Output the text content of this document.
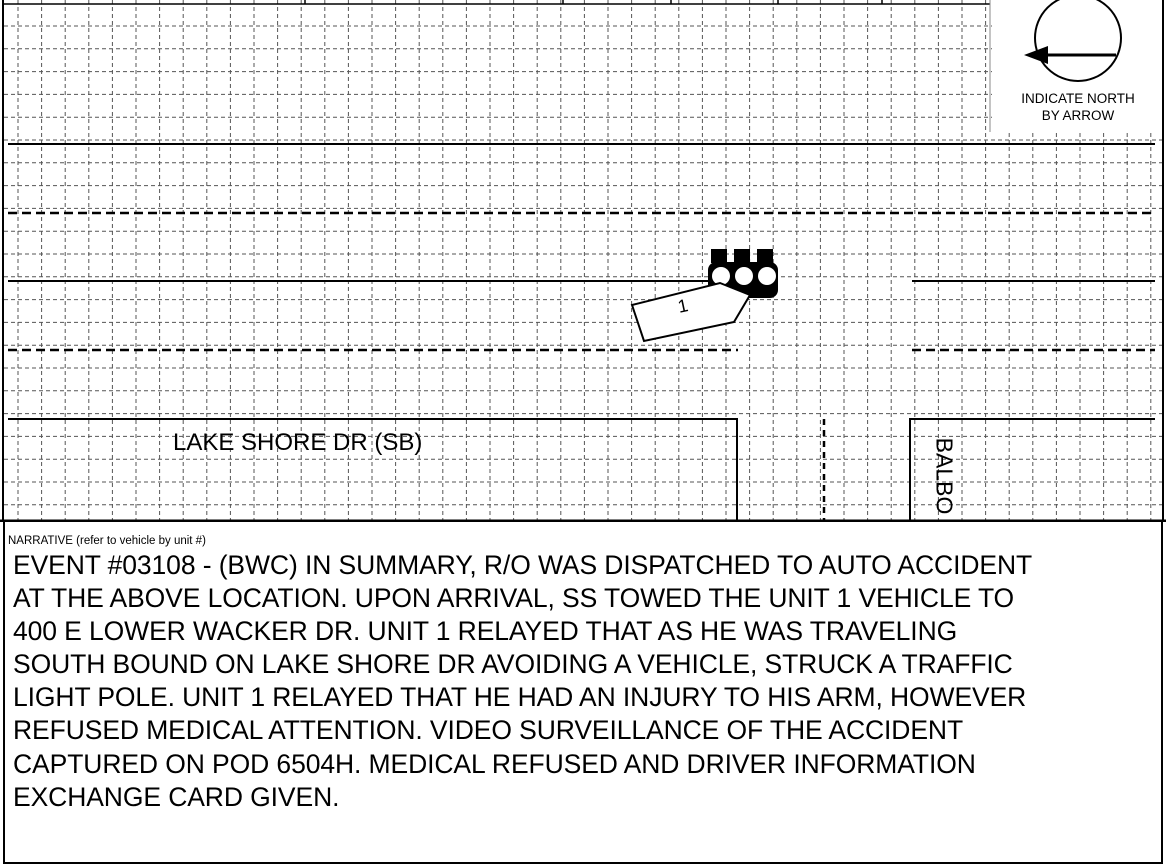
INDICATE NORTH
BY ARROW
LAKE SHORE DR (SB)	BALBO
1
NARRATIVE (refer to vehicle by unit #)
EVENT #03108 - (BWC) IN SUMMARY, R/O WAS DISPATCHED TO AUTO ACCIDENT
AT THE ABOVE LOCATION. UPON ARRIVAL, SS TOWED THE UNIT 1 VEHICLE TO
400 E LOWER WACKER DR. UNIT 1 RELAYED THAT AS HE WAS TRAVELING
SOUTH BOUND ON LAKE SHORE DR AVOIDING A VEHICLE, STRUCK A TRAFFIC
LIGHT POLE. UNIT 1 RELAYED THAT HE HAD AN INJURY TO HIS ARM, HOWEVER
REFUSED MEDICAL ATTENTION. VIDEO SURVEILLANCE OF THE ACCIDENT
CAPTURED ON POD 6504H. MEDICAL REFUSED AND DRIVER INFORMATION
EXCHANGE CARD GIVEN.
